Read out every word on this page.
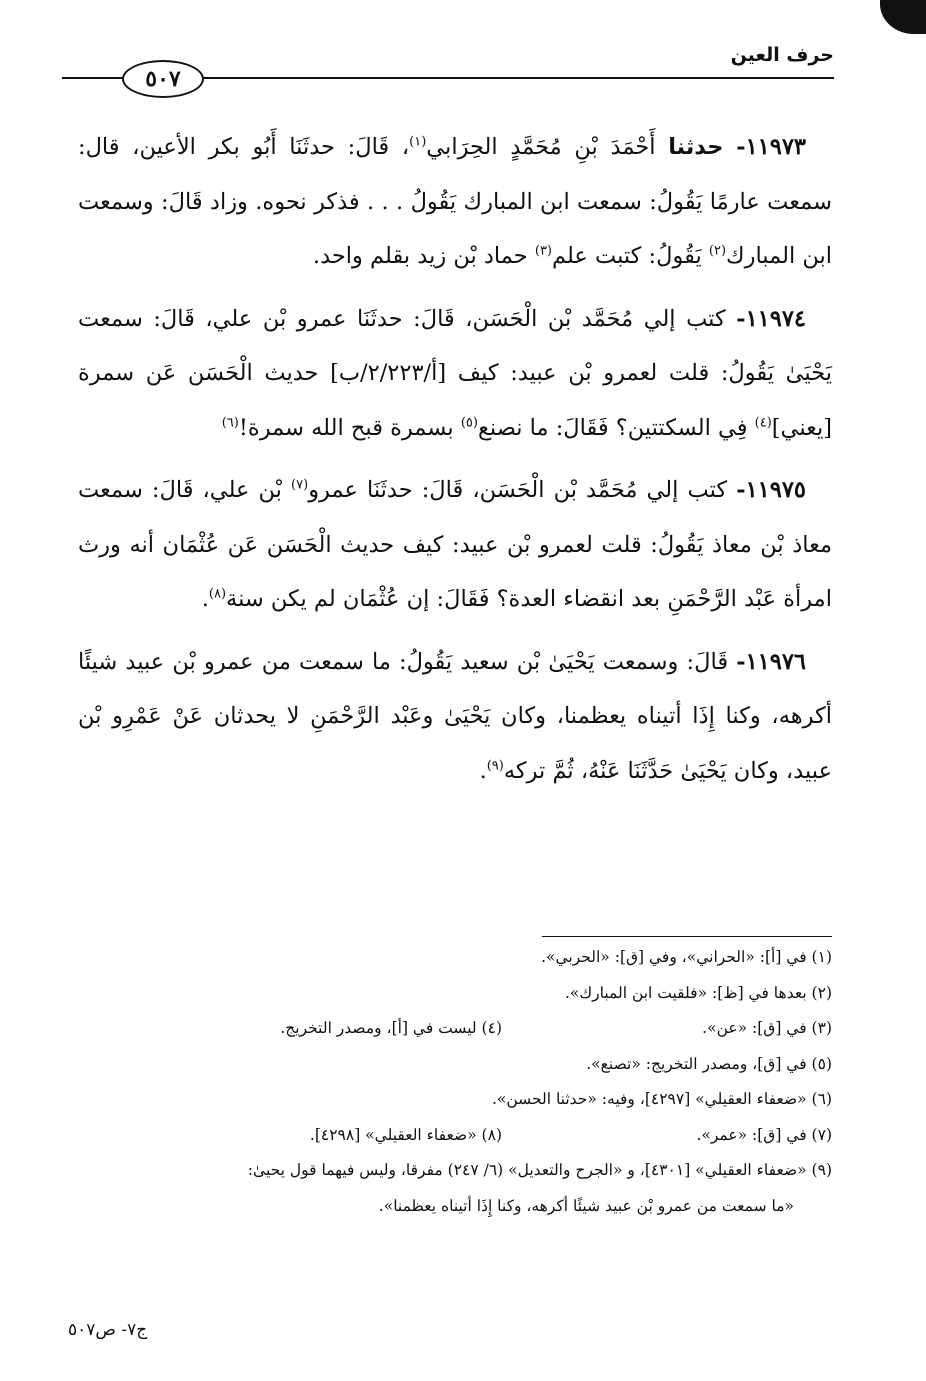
حرف العين
٥٠٧

١١٩٧٣- حدثنا أَحْمَدَ بْنِ مُحَمَّدٍ الحِرَابي$^{(١)}$، قَالَ: حدثَنَا أَبُو بكر الأعين، قال: سمعت عارمًا يَقُولُ: سمعت ابن المبارك يَقُولُ . . . فذكر نحوه. وزاد قَالَ: وسمعت ابن المبارك$^{(٢)}$ يَقُولُ: كتبت علم$^{(٣)}$ حماد بْن زيد بقلم واحد.

١١٩٧٤- كتب إلي مُحَمَّد بْن الْحَسَن، قَالَ: حدثَنَا عمرو بْن علي، قَالَ: سمعت يَحْيَىٰ يَقُولُ: قلت لعمرو بْن عبيد: كيف [أ/٢/٢٢٣/ب] حديث الْحَسَن عَن سمرة [يعني]$^{(٤)}$ فِي السكتتين؟ فَقَالَ: ما نصنع$^{(٥)}$ بسمرة قبح الله سمرة!$^{(٦)}$

١١٩٧٥- كتب إلي مُحَمَّد بْن الْحَسَن، قَالَ: حدثَنَا عمرو$^{(٧)}$ بْن علي، قَالَ: سمعت معاذ بْن معاذ يَقُولُ: قلت لعمرو بْن عبيد: كيف حديث الْحَسَن عَن عُثْمَان أنه ورث امرأة عَبْد الرَّحْمَنِ بعد انقضاء العدة؟ فَقَالَ: إن عُثْمَان لم يكن سنة$^{(٨)}$.

١١٩٧٦- قَالَ: وسمعت يَحْيَىٰ بْن سعيد يَقُولُ: ما سمعت من عمرو بْن عبيد شيئًا أكرهه، وكنا إِذَا أتيناه يعظمنا، وكان يَحْيَىٰ وعَبْد الرَّحْمَنِ لا يحدثان عَنْ عَمْرِو بْن عبيد، وكان يَحْيَىٰ حَدَّثَنَا عَنْهُ، ثُمَّ تركه$^{(٩)}$.

(١) في [أ]: «الحراني»، وفي [ق]: «الحربي».
(٢) بعدها في [ظ]: «فلقيت ابن المبارك».
(٣) في [ق]: «عن».
(٤) ليست في [أ]، ومصدر التخريج.
(٥) في [ق]، ومصدر التخريج: «تصنع».
(٦) «ضعفاء العقيلي» [٤٢٩٧]، وفيه: «حدثنا الحسن».
(٧) في [ق]: «عمر».
(٨) «ضعفاء العقيلي» [٤٢٩٨].
(٩) «ضعفاء العقيلي» [٤٣٠١]، و «الجرح والتعديل» (٦/ ٢٤٧) مفرقا، وليس فيهما قول يحيىٰ:
«ما سمعت من عمرو بْن عبيد شيئًا أكرهه، وكنا إِذَا أتيناه يعظمنا».
ج٧- ص٥٠٧
